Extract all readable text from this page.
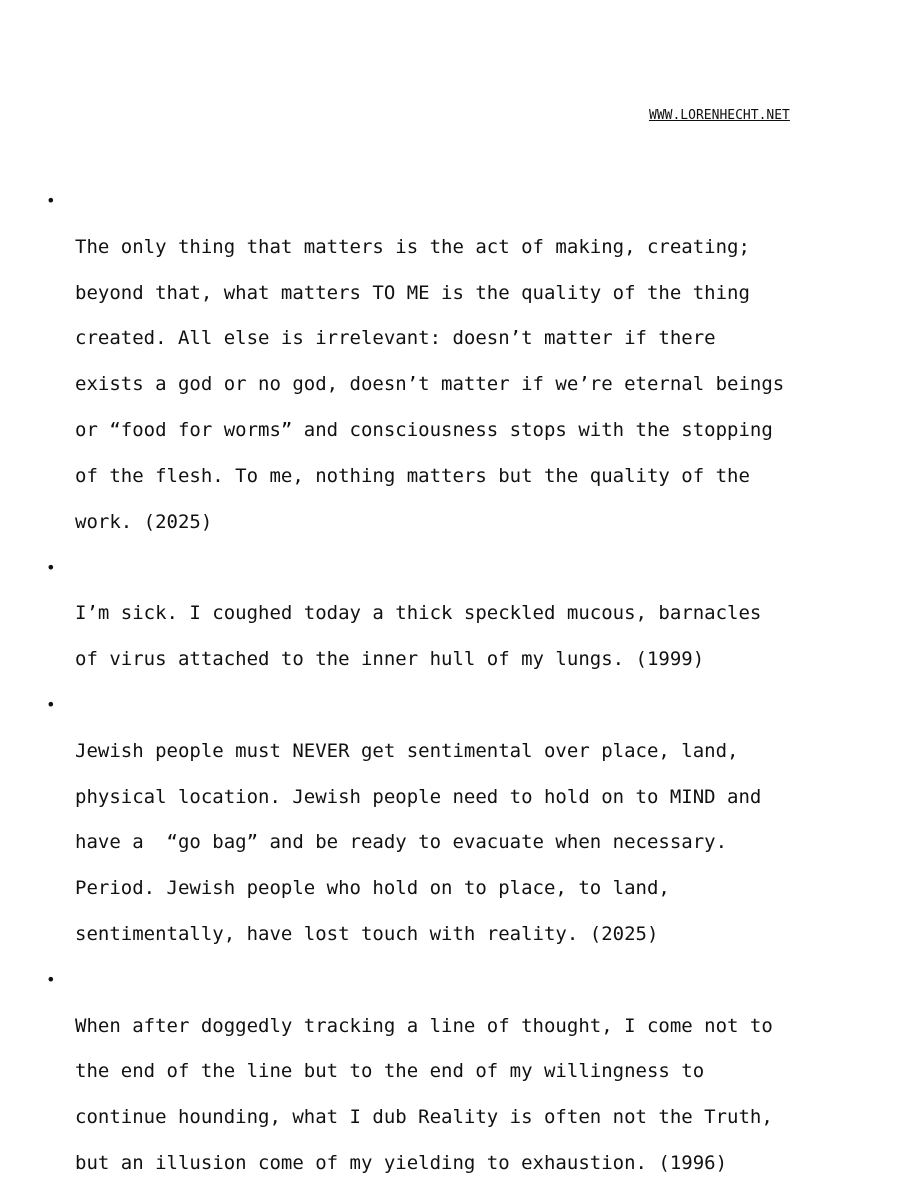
WWW.LORENHECHT.NET

•

The only thing that matters is the act of making, creating;

beyond that, what matters TO ME is the quality of the thing

created. All else is irrelevant: doesn’t matter if there

exists a god or no god, doesn’t matter if we’re eternal beings

or “food for worms” and consciousness stops with the stopping

of the flesh. To me, nothing matters but the quality of the

work. (2025)

•

I’m sick. I coughed today a thick speckled mucous, barnacles

of virus attached to the inner hull of my lungs. (1999)

•

Jewish people must NEVER get sentimental over place, land,

physical location. Jewish people need to hold on to MIND and

have a  “go bag” and be ready to evacuate when necessary.

Period. Jewish people who hold on to place, to land,

sentimentally, have lost touch with reality. (2025)

•

When after doggedly tracking a line of thought, I come not to

the end of the line but to the end of my willingness to

continue hounding, what I dub Reality is often not the Truth,

but an illusion come of my yielding to exhaustion. (1996)
